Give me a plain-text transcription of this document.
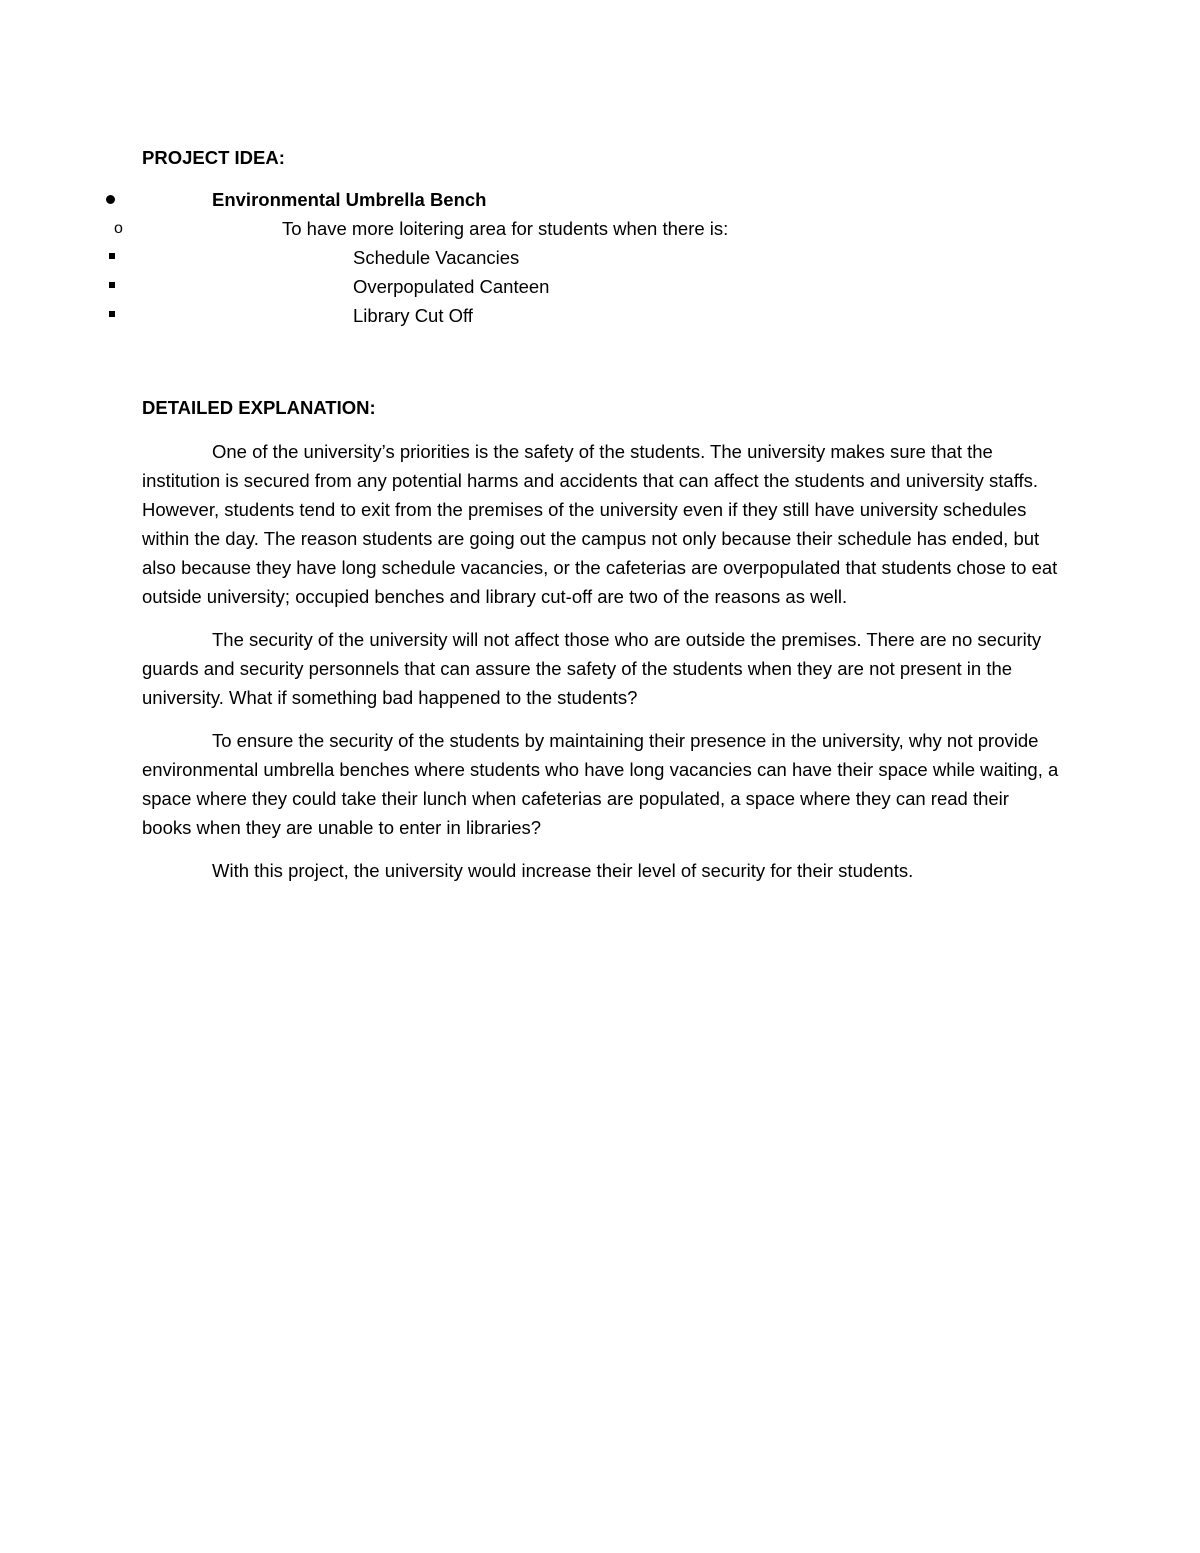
PROJECT IDEA:

Environmental Umbrella Bench
o	To have more loitering area for students when there is:
Schedule Vacancies
Overpopulated Canteen
Library Cut Off

DETAILED EXPLANATION:

One of the university’s priorities is the safety of the students. The university makes sure that the institution is secured from any potential harms and accidents that can affect the students and university staffs. However, students tend to exit from the premises of the university even if they still have university schedules within the day. The reason students are going out the campus not only because their schedule has ended, but also because they have long schedule vacancies, or the cafeterias are overpopulated that students chose to eat outside university; occupied benches and library cut-off are two of the reasons as well.

The security of the university will not affect those who are outside the premises. There are no security guards and security personnels that can assure the safety of the students when they are not present in the university. What if something bad happened to the students?

To ensure the security of the students by maintaining their presence in the university, why not provide environmental umbrella benches where students who have long vacancies can have their space while waiting, a space where they could take their lunch when cafeterias are populated, a space where they can read their books when they are unable to enter in libraries?

With this project, the university would increase their level of security for their students.
